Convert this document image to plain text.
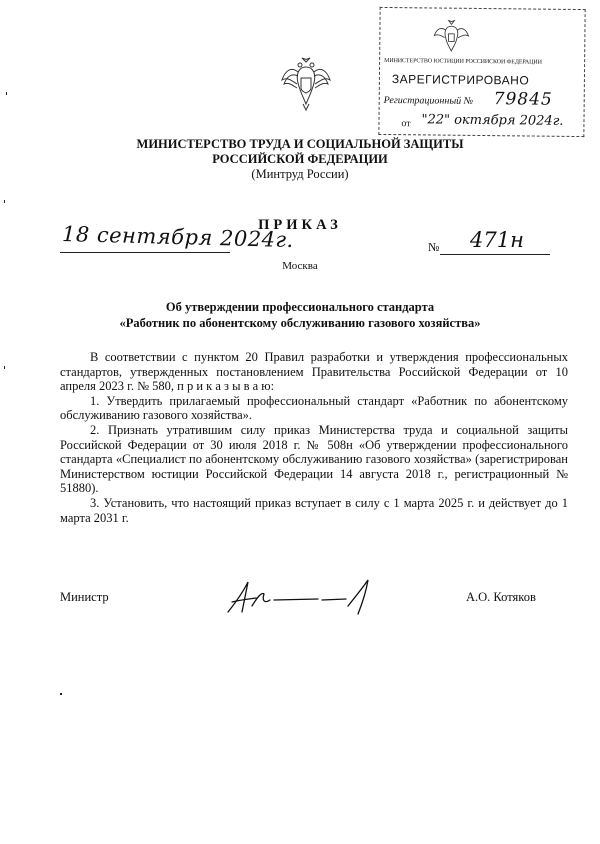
МИНИСТЕРСТВО ЮСТИЦИИ РОССИЙСКОЙ ФЕДЕРАЦИИ
ЗАРЕГИСТРИРОВАНО
Регистрационный № 79845
от "22" октября 2024г.
МИНИСТЕРСТВО ТРУДА И СОЦИАЛЬНОЙ ЗАЩИТЫ
РОССИЙСКОЙ ФЕДЕРАЦИИ
(Минтруд России)
ПРИКАЗ
18 сентября 2024г.	№ 471н
Москва
Об утверждении профессионального стандарта
«Работник по абонентскому обслуживанию газового хозяйства»

В соответствии с пунктом 20 Правил разработки и утверждения профессиональных стандартов, утвержденных постановлением Правительства Российской Федерации от 10 апреля 2023 г. № 580, п р и к а з ы в а ю:

1. Утвердить прилагаемый профессиональный стандарт «Работник по абонентскому обслуживанию газового хозяйства».

2. Признать утратившим силу приказ Министерства труда и социальной защиты Российской Федерации от 30 июля 2018 г. № 508н «Об утверждении профессионального стандарта «Специалист по абонентскому обслуживанию газового хозяйства» (зарегистрирован Министерством юстиции Российской Федерации 14 августа 2018 г., регистрационный № 51880).

3. Установить, что настоящий приказ вступает в силу с 1 марта 2025 г. и действует до 1 марта 2031 г.

Министр	А.О. Котяков
